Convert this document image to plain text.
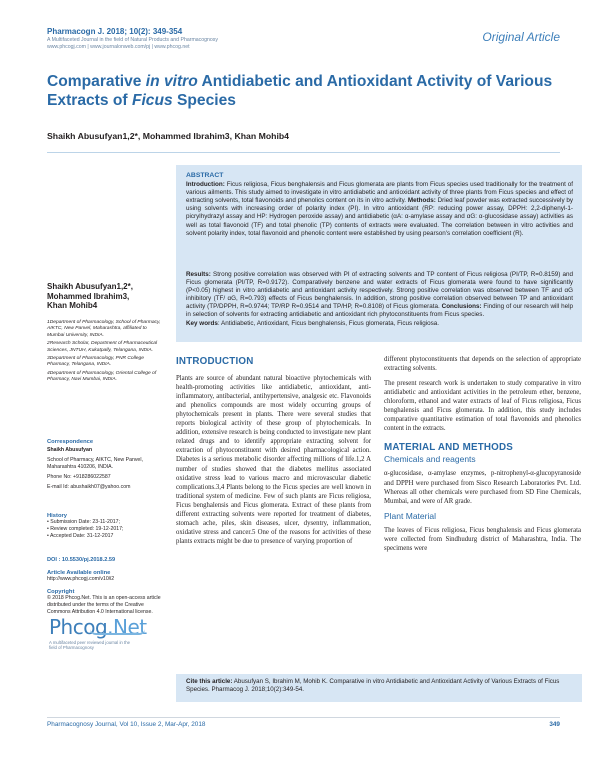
Pharmacogn J. 2018; 10(2): 349-354
A Multifaceted Journal in the field of Natural Products and Pharmacognosy
www.phcogj.com | www.journalonweb.com/pj | www.phcog.net
Original Article
Comparative in vitro Antidiabetic and Antioxidant Activity of Various Extracts of Ficus Species
Shaikh Abusufyan1,2*, Mohammed Ibrahim3, Khan Mohib4
ABSTRACT
Introduction: Ficus religiosa, Ficus benghalensis and Ficus glomerata are plants from Ficus species used traditionally for the treatment of various ailments. This study aimed to investigate in vitro antidiabetic and antioxidant activity of three plants from Ficus species and effect of extracting solvents, total flavonoids and phenolics content on its in vitro activity. Methods: Dried leaf powder was extracted successively by using solvents with increasing order of polarity index (PI). In vitro antioxidant (RP: reducing power assay, DPPH: 2,2-diphenyl-1-picrylhydrazyl assay and HP: Hydrogen peroxide assay) and antidiabetic (αA: α-amylase assay and αG: α-glucosidase assay) activities as well as total flavonoid (TF) and total phenolic (TP) contents of extracts were evaluated. The correlation between in vitro activities and solvent polarity index, total flavonoid and phenolic content were established by using pearson's correlation coefficient (R).
Results: Strong positive correlation was observed with PI of extracting solvents and TP content of Ficus religiosa (PI/TP, R=0.8159) and Ficus glomerata (PI/TP, R=0.9172). Comparatively benzene and water extracts of Ficus glomerata were found to have significantly (P<0.05) highest in vitro antidiabetic and antioxidant activity respectively. Strong positive correlation was observed between TF and αG inhibitory (TF/ αG, R=0.793) effects of Ficus benghalensis. In addition, strong positive correlation observed between TP and antioxidant activity (TP/DPPH, R=0.9744; TP/RP R=0.9514 and TP/HP, R=0.8108) of Ficus glomerata. Conclusions: Finding of our research will help in selection of solvents for extracting antidiabetic and antioxidant rich phytoconstituents from Ficus species.
Key words: Antidiabetic, Antioxidant, Ficus benghalensis, Ficus glomerata, Ficus religiosa.
Shaikh Abusufyan1,2*,
Mohammed Ibrahim3,
Khan Mohib4

1Department of Pharmacology, School of Pharmacy, AIKTC, New Panvel, Maharashtra, affiliated to Mumbai University, INDIA.

2Research Scholar, Department of Pharmaceutical Sciences, JNTUH, Kukatpally, Telangana, INDIA.

3Department of Pharmacology, PNR College Pharmacy, Telangana, INDIA.

4Department of Pharmacology, Oriental College of Pharmacy, Navi Mumbai, INDIA.

Correspondence
Shaikh Abusufyan
School of Pharmacy, AIKTC, New Panvel, Maharashtra 410206, INDIA.
Phone No: +918286022587
E-mail Id: abushaikh07@yahoo.com
History
• Submission Date: 23-11-2017;
• Review completed: 19-12-2017;
• Accepted Date: 31-12-2017
DOI : 10.5530/pj.2018.2.59
Article Available online
http://www.phcogj.com/v10/i2
Copyright
© 2018 Phcog.Net. This is an open-access article distributed under the terms of the Creative Commons Attribution 4.0 International license.
Phcog.Net
A multifaceted peer reviewed journal in the field of Pharmacognosy
INTRODUCTION

Plants are source of abundant natural bioactive phytochemicals with health-promoting activities like antidiabetic, antioxidant, anti-inflammatory, antibacterial, antihypertensive, analgesic etc. Flavonoids and phenolics compounds are most widely occurring groups of phytochemicals present in plants. There were several studies that reports biological activity of these group of phytochemicals. In addition, extensive research is being conducted to investigate new plant related drugs and to identify appropriate extracting solvent for extraction of phytoconstituent with desired pharmacological action. Diabetes is a serious metabolic disorder affecting millions of life.1,2 A number of studies showed that the diabetes mellitus associated oxidative stress lead to various macro and microvascular diabetic complications.3,4 Plants belong to the Ficus species are well known in traditional system of medicine. Few of such plants are Ficus religiosa, Ficus benghalensis and Ficus glomerata. Extract of these plants from different extracting solvents were reported for treatment of diabetes, stomach ache, piles, skin diseases, ulcer, dysentry, inflammation, oxidative stress and cancer.5 One of the reasons for activities of these plants extracts might be due to presence of varying proportion of

different phytoconstituents that depends on the selection of appropriate extracting solvents.

The present research work is undertaken to study comparative in vitro antidiabetic and antioxidant activities in the petroleum ether, benzene, chloroform, ethanol and water extracts of leaf of Ficus religiosa, Ficus benghalensis and Ficus glomerata. In addition, this study includes comparative quantitative estimation of total flavonoids and phenolics content in the extracts.

MATERIAL AND METHODS
Chemicals and reagents

α-glucosidase, α-amylase enzymes, p-nitrophenyl-α-glucopyranoside and DPPH were purchased from Sisco Research Laboratories Pvt. Ltd. Whereas all other chemicals were purchased from SD Fine Chemicals, Mumbai, and were of AR grade.

Plant Material

The leaves of Ficus religiosa, Ficus benghalensis and Ficus glomerata were collected from Sindhudurg district of Maharashtra, India. The specimens were

Cite this article: Abusufyan S, Ibrahim M, Mohib K. Comparative in vitro Antidiabetic and Antioxidant Activity of Various Extracts of Ficus Species. Pharmacog J. 2018;10(2):349-54.
Pharmacognosy Journal, Vol 10, Issue 2, Mar-Apr, 2018	349
